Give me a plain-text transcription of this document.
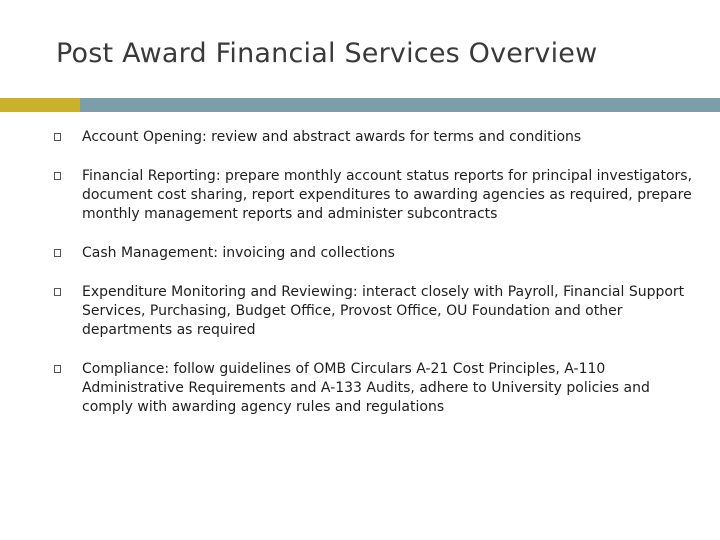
Post Award Financial Services Overview
Account Opening: review and abstract awards for terms and conditions
Financial Reporting: prepare monthly account status reports for principal investigators, document cost sharing, report expenditures to awarding agencies as required, prepare monthly management reports and administer subcontracts
Cash Management: invoicing and collections
Expenditure Monitoring and Reviewing: interact closely with Payroll, Financial Support Services, Purchasing, Budget Office, Provost Office, OU Foundation and other departments as required
Compliance: follow guidelines of OMB Circulars A-21 Cost Principles, A-110 Administrative Requirements and A-133 Audits, adhere to University policies and comply with awarding agency rules and regulations
